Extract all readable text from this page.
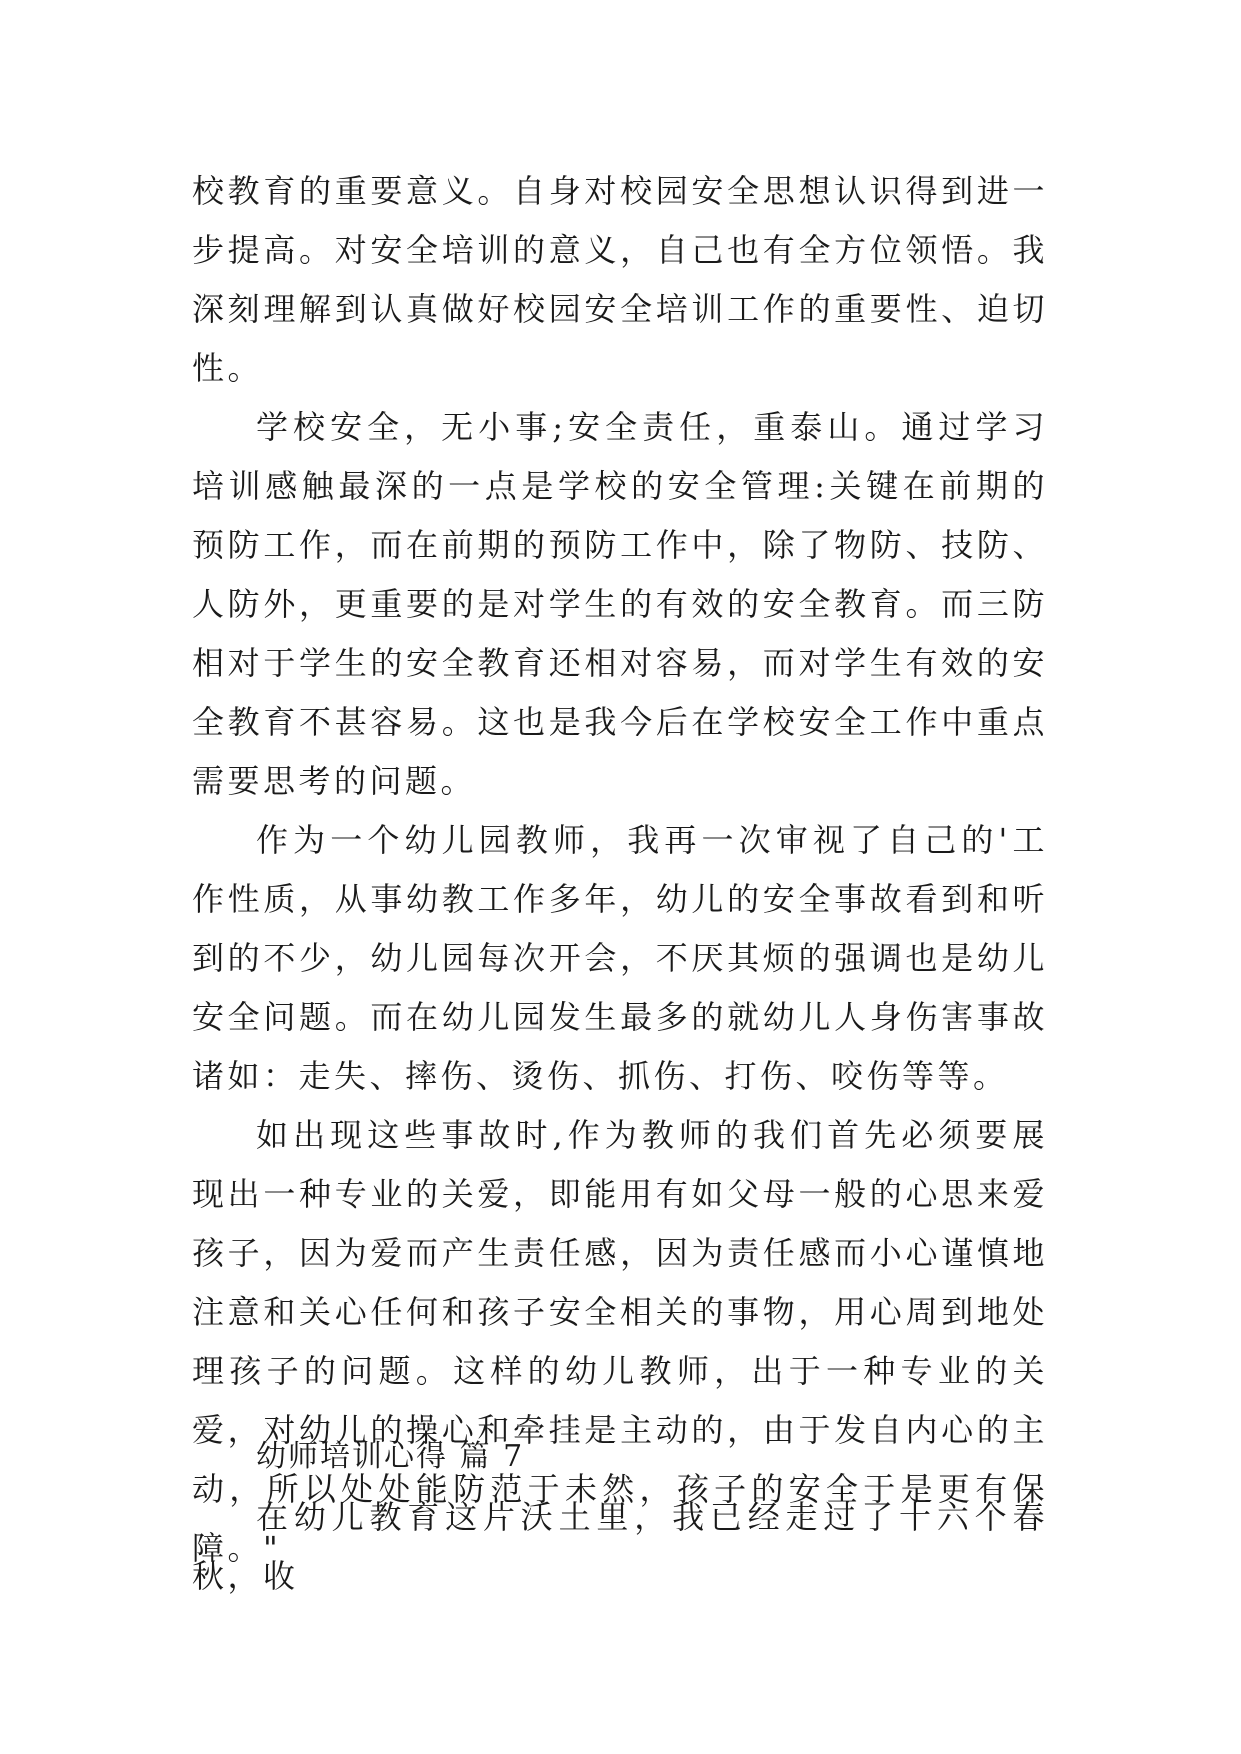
校教育的重要意义。自身对校园安全思想认识得到进一步提高。对安全培训的意义，自己也有全方位领悟。我深刻理解到认真做好校园安全培训工作的重要性、迫切性。

学校安全，无小事;安全责任，重泰山。通过学习培训感触最深的一点是学校的安全管理:关键在前期的预防工作，而在前期的预防工作中，除了物防、技防、人防外，更重要的是对学生的有效的安全教育。而三防相对于学生的安全教育还相对容易，而对学生有效的安全教育不甚容易。这也是我今后在学校安全工作中重点需要思考的问题。

作为一个幼儿园教师，我再一次审视了自己的'工作性质，从事幼教工作多年，幼儿的安全事故看到和听到的不少，幼儿园每次开会，不厌其烦的强调也是幼儿安全问题。而在幼儿园发生最多的就幼儿人身伤害事故诸如：走失、摔伤、烫伤、抓伤、打伤、咬伤等等。

如出现这些事故时,作为教师的我们首先必须要展现出一种专业的关爱，即能用有如父母一般的心思来爱孩子，因为爱而产生责任感，因为责任感而小心谨慎地注意和关心任何和孩子安全相关的事物，用心周到地处理孩子的问题。这样的幼儿教师，出于一种专业的关爱，对幼儿的操心和牵挂是主动的，由于发自内心的主动，所以处处能防范于未然，孩子的安全于是更有保障。"

幼师培训心得 篇 7

在幼儿教育这片沃土里，我已经走过了十六个春秋，收
